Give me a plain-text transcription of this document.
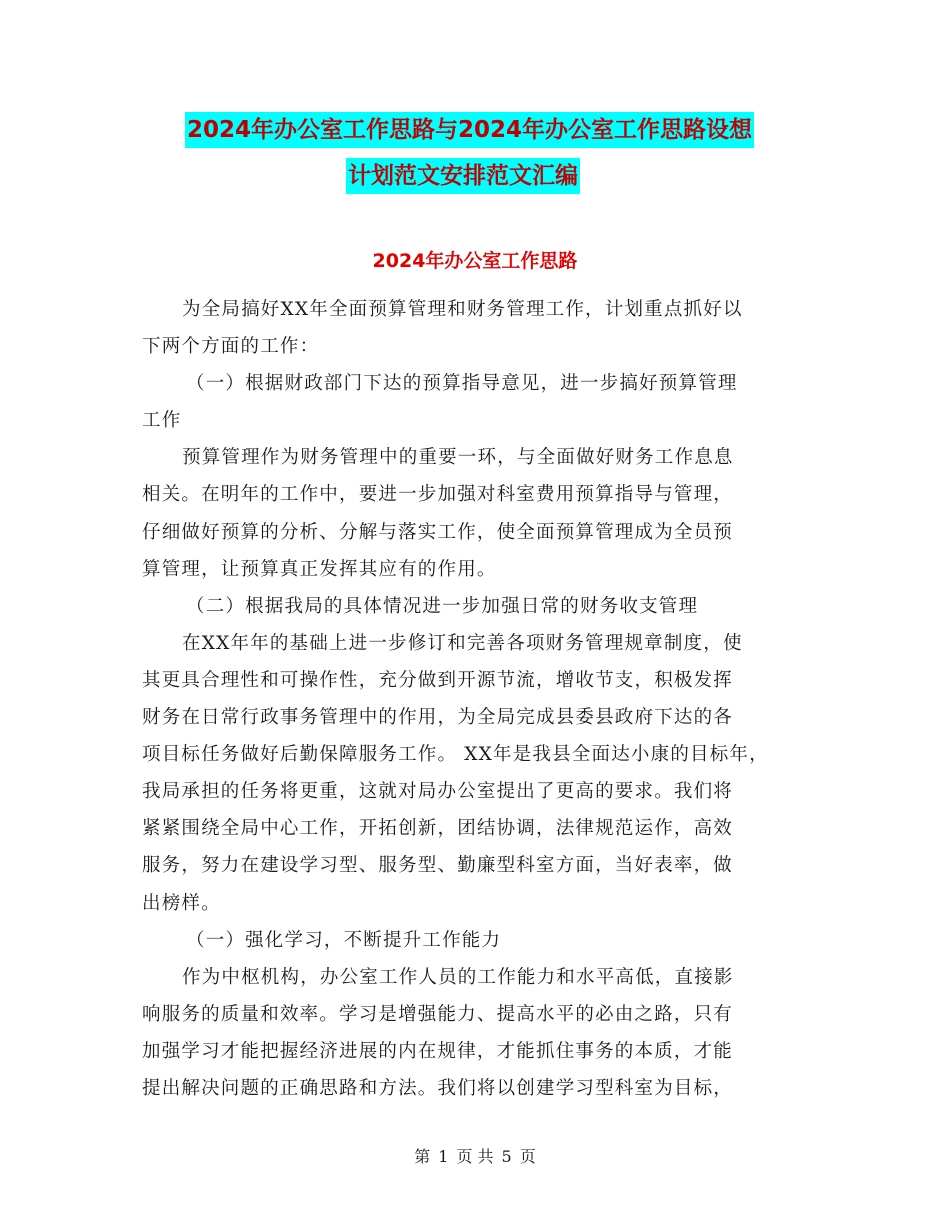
2024年办公室工作思路与2024年办公室工作思路设想
计划范文安排范文汇编
2024年办公室工作思路
为全局搞好XX年全面预算管理和财务管理工作，计划重点抓好以
下两个方面的工作：
（一）根据财政部门下达的预算指导意见，进一步搞好预算管理
工作
预算管理作为财务管理中的重要一环，与全面做好财务工作息息
相关。在明年的工作中，要进一步加强对科室费用预算指导与管理，
仔细做好预算的分析、分解与落实工作，使全面预算管理成为全员预
算管理，让预算真正发挥其应有的作用。
（二）根据我局的具体情况进一步加强日常的财务收支管理
在XX年年的基础上进一步修订和完善各项财务管理规章制度，使
其更具合理性和可操作性，充分做到开源节流，增收节支，积极发挥
财务在日常行政事务管理中的作用，为全局完成县委县政府下达的各
项目标任务做好后勤保障服务工作。 XX年是我县全面达小康的目标年，
我局承担的任务将更重，这就对局办公室提出了更高的要求。我们将
紧紧围绕全局中心工作，开拓创新，团结协调，法律规范运作，高效
服务，努力在建设学习型、服务型、勤廉型科室方面，当好表率，做
出榜样。
（一）强化学习，不断提升工作能力
作为中枢机构，办公室工作人员的工作能力和水平高低，直接影
响服务的质量和效率。学习是增强能力、提高水平的必由之路，只有
加强学习才能把握经济进展的内在规律，才能抓住事务的本质，才能
提出解决问题的正确思路和方法。我们将以创建学习型科室为目标，
第 1 页 共 5 页
